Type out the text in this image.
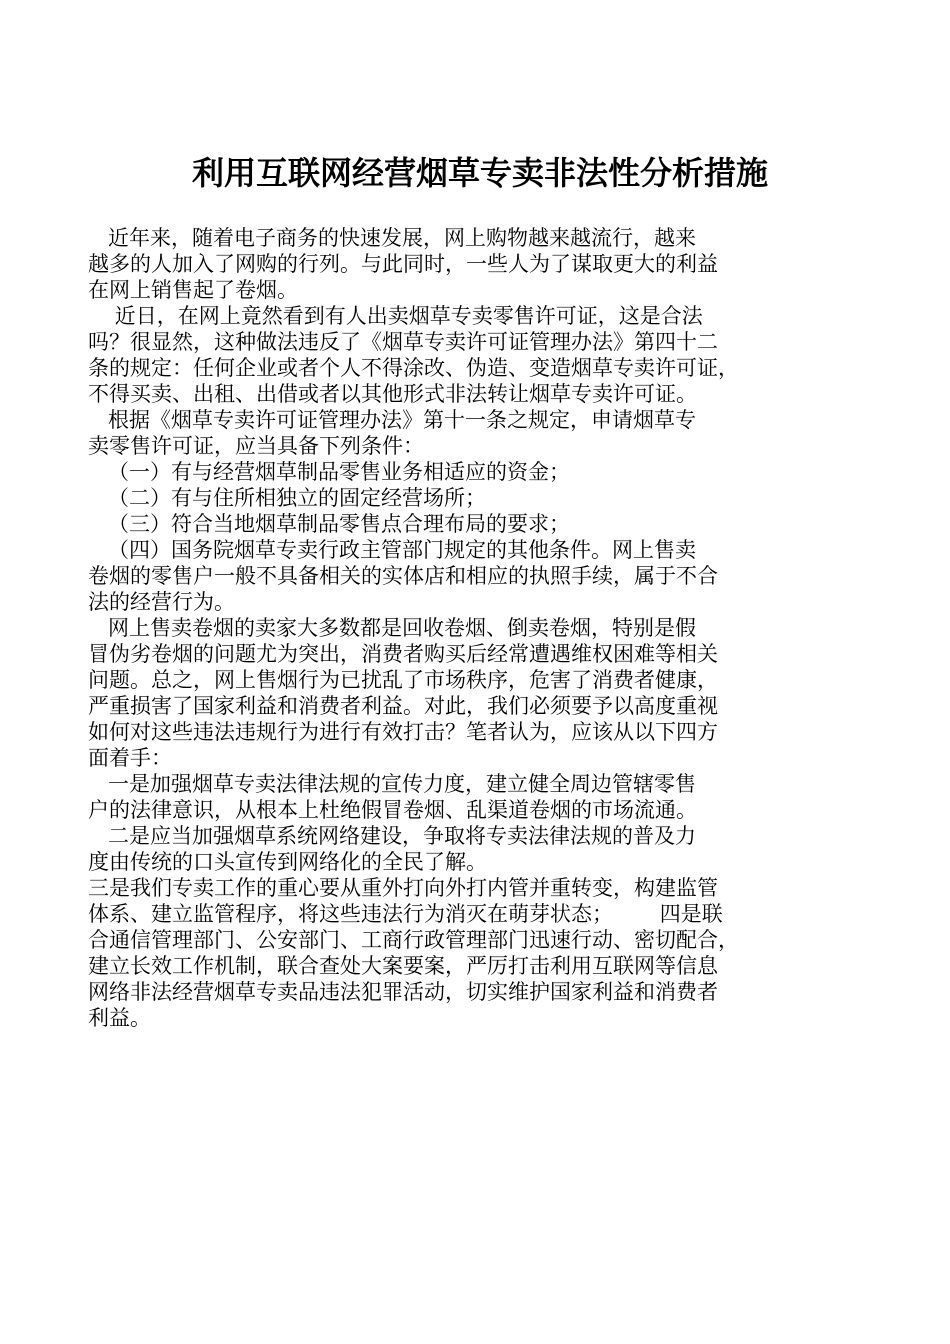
利用互联网经营烟草专卖非法性分析措施
近年来，随着电子商务的快速发展，网上购物越来越流行，越来
越多的人加入了网购的行列。与此同时，一些人为了谋取更大的利益
在网上销售起了卷烟。
近日，在网上竟然看到有人出卖烟草专卖零售许可证，这是合法
吗？很显然，这种做法违反了《烟草专卖许可证管理办法》第四十二
条的规定：任何企业或者个人不得涂改、伪造、变造烟草专卖许可证，
不得买卖、出租、出借或者以其他形式非法转让烟草专卖许可证。
根据《烟草专卖许可证管理办法》第十一条之规定，申请烟草专
卖零售许可证，应当具备下列条件：
（一）有与经营烟草制品零售业务相适应的资金；
（二）有与住所相独立的固定经营场所；
（三）符合当地烟草制品零售点合理布局的要求；
（四）国务院烟草专卖行政主管部门规定的其他条件。网上售卖
卷烟的零售户一般不具备相关的实体店和相应的执照手续，属于不合
法的经营行为。
网上售卖卷烟的卖家大多数都是回收卷烟、倒卖卷烟，特别是假
冒伪劣卷烟的问题尤为突出，消费者购买后经常遭遇维权困难等相关
问题。总之，网上售烟行为已扰乱了市场秩序，危害了消费者健康，
严重损害了国家利益和消费者利益。对此，我们必须要予以高度重视
如何对这些违法违规行为进行有效打击？笔者认为，应该从以下四方
面着手：
一是加强烟草专卖法律法规的宣传力度，建立健全周边管辖零售
户的法律意识，从根本上杜绝假冒卷烟、乱渠道卷烟的市场流通。
二是应当加强烟草系统网络建设，争取将专卖法律法规的普及力
度由传统的口头宣传到网络化的全民了解。
三是我们专卖工作的重心要从重外打向外打内管并重转变，构建监管
体系、建立监管程序，将这些违法行为消灭在萌芽状态；       四是联
合通信管理部门、公安部门、工商行政管理部门迅速行动、密切配合，
建立长效工作机制，联合查处大案要案，严厉打击利用互联网等信息
网络非法经营烟草专卖品违法犯罪活动，切实维护国家利益和消费者
利益。
